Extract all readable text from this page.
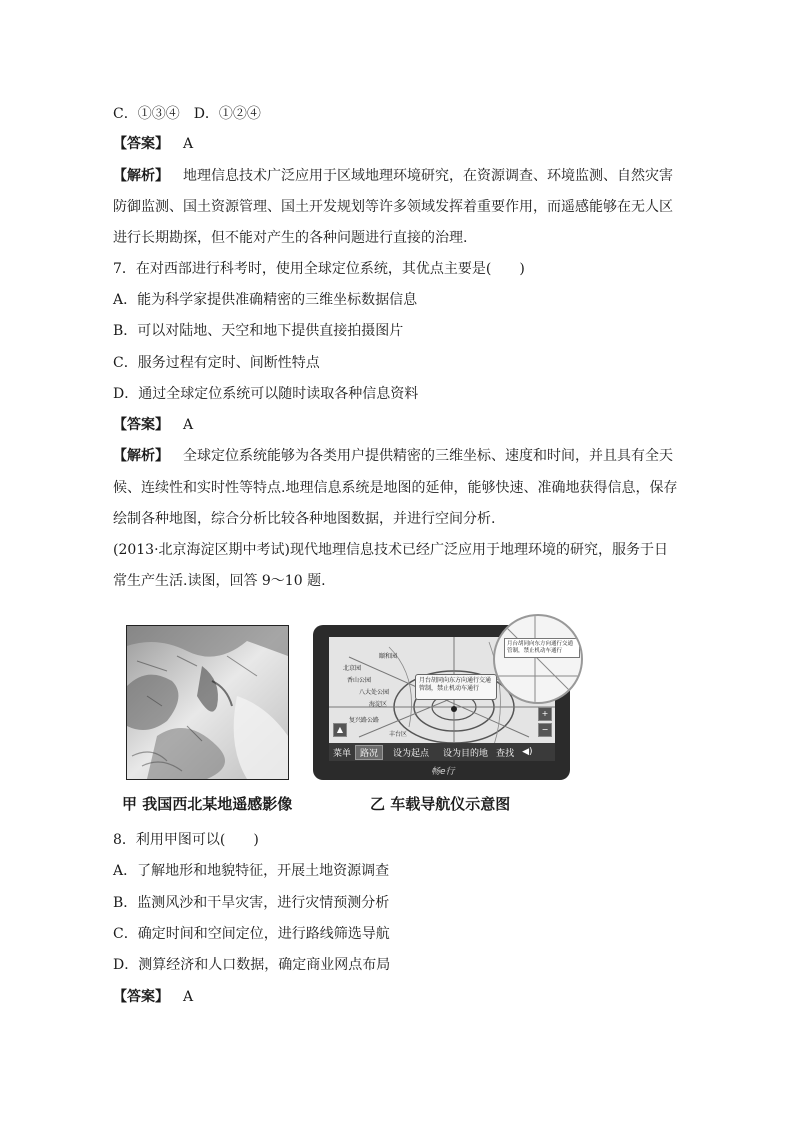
C．①③④　D．①②④
【答案】 A
【解析】 地理信息技术广泛应用于区域地理环境研究，在资源调查、环境监测、自然灾害
防御监测、国土资源管理、国土开发规划等许多领域发挥着重要作用，而遥感能够在无人区
进行长期勘探，但不能对产生的各种问题进行直接的治理.
7．在对西部进行科考时，使用全球定位系统，其优点主要是(　　)
A．能为科学家提供准确精密的三维坐标数据信息
B．可以对陆地、天空和地下提供直接拍摄图片
C．服务过程有定时、间断性特点
D．通过全球定位系统可以随时读取各种信息资料
【答案】 A
【解析】 全球定位系统能够为各类用户提供精密的三维坐标、速度和时间，并且具有全天
候、连续性和实时性等特点.地理信息系统是地图的延伸，能够快速、准确地获得信息，保存
绘制各种地图，综合分析比较各种地图数据，并进行空间分析.
(2013·北京海淀区期中考试)现代地理信息技术已经广泛应用于地理环境的研究，服务于日
常生产生活.读图，回答 9～10 题.
颐和园
香山公园
八大处公园
北京园
海淀区
复兴路公路
丰台区
月台胡同向东方向通行交通管制，禁止机动车通行
▲
+
−
菜单	路况	设为起点	设为目的地 查找 ◀)
畅e行
月台胡同向东方向通行交通管制，禁止机动车通行
甲 我国西北某地遥感影像	乙 车载导航仪示意图
8．利用甲图可以(　　)
A．了解地形和地貌特征，开展土地资源调查
B．监测风沙和干旱灾害，进行灾情预测分析
C．确定时间和空间定位，进行路线筛选导航
D．测算经济和人口数据，确定商业网点布局
【答案】 A
